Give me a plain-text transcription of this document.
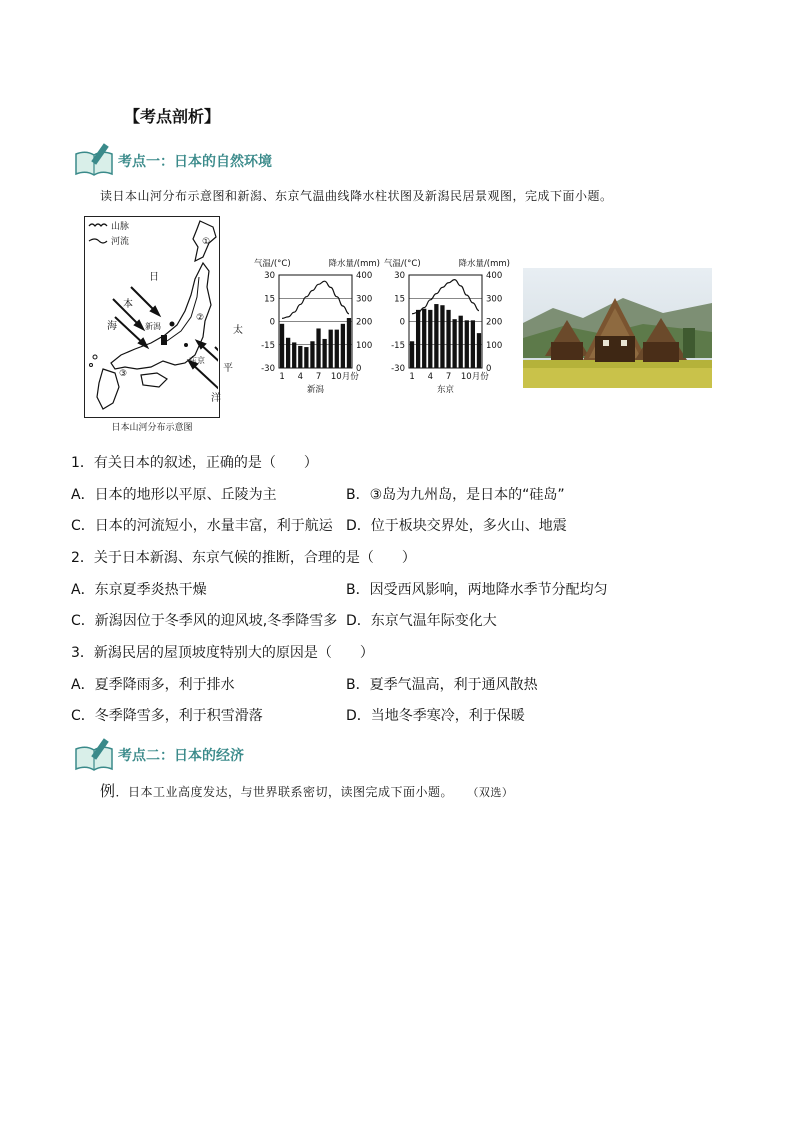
【考点剖析】
考点一：日本的自然环境
读日本山河分布示意图和新潟、东京气温曲线降水柱状图及新潟民居景观图，完成下面小题。
山脉
河流
日
本
海	新潟
东京
太
平
洋
①
②
③
日本山河分布示意图
气温/(°C)	降水量/(mm)
30
15
0
-15
-30
400
300
200
100
0
1 4 7 10月份
新潟
气温/(°C)	降水量/(mm)
30
15
0
-15
-30
400
300
200
100
0
1 4 7 10月份
东京
1．有关日本的叙述，正确的是（　　）
A．日本的地形以平原、丘陵为主	B．③岛为九州岛，是日本的“硅岛”
C．日本的河流短小，水量丰富，利于航运 D．位于板块交界处，多火山、地震
2．关于日本新潟、东京气候的推断，合理的是（　　）
A．东京夏季炎热干燥	B．因受西风影响，两地降水季节分配均匀
C．新潟因位于冬季风的迎风坡,冬季降雪多 D．东京气温年际变化大
3．新潟民居的屋顶坡度特别大的原因是（　　）
A．夏季降雨多，利于排水	B．夏季气温高，利于通风散热
C．冬季降雪多，利于积雪滑落	D．当地冬季寒冷，利于保暖
考点二：日本的经济
例．日本工业高度发达，与世界联系密切，读图完成下面小题。 （双选）
